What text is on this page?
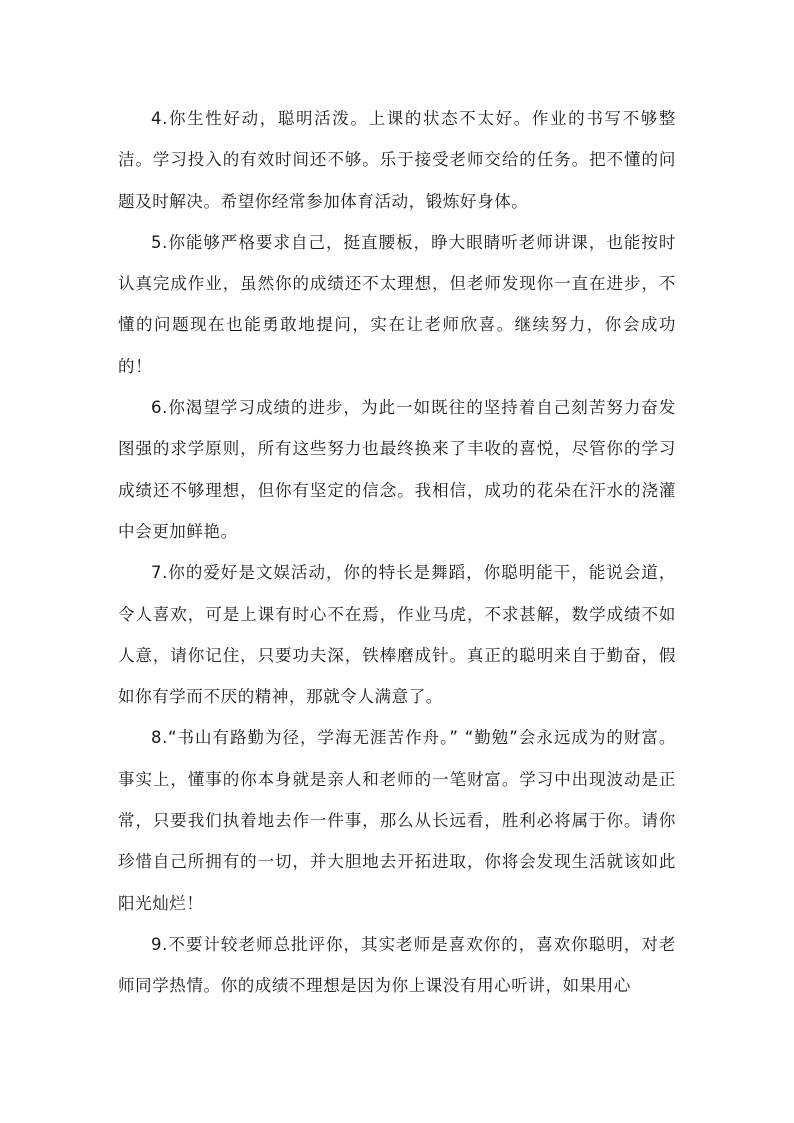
4.你生性好动，聪明活泼。上课的状态不太好。作业的书写不够整洁。学习投入的有效时间还不够。乐于接受老师交给的任务。把不懂的问题及时解决。希望你经常参加体育活动，锻炼好身体。

5.你能够严格要求自己，挺直腰板，睁大眼睛听老师讲课，也能按时认真完成作业，虽然你的成绩还不太理想，但老师发现你一直在进步，不懂的问题现在也能勇敢地提问，实在让老师欣喜。继续努力，你会成功的！

6.你渴望学习成绩的进步，为此一如既往的坚持着自己刻苦努力奋发图强的求学原则，所有这些努力也最终换来了丰收的喜悦，尽管你的学习成绩还不够理想，但你有坚定的信念。我相信，成功的花朵在汗水的浇灌中会更加鲜艳。

7.你的爱好是文娱活动，你的特长是舞蹈，你聪明能干，能说会道，令人喜欢，可是上课有时心不在焉，作业马虎，不求甚解，数学成绩不如人意，请你记住，只要功夫深，铁棒磨成针。真正的聪明来自于勤奋，假如你有学而不厌的精神，那就令人满意了。

8.“书山有路勤为径，学海无涯苦作舟。” “勤勉”会永远成为的财富。事实上，懂事的你本身就是亲人和老师的一笔财富。学习中出现波动是正常，只要我们执着地去作一件事，那么从长远看，胜利必将属于你。请你珍惜自己所拥有的一切，并大胆地去开拓进取，你将会发现生活就该如此阳光灿烂！

9.不要计较老师总批评你，其实老师是喜欢你的，喜欢你聪明，对老师同学热情。你的成绩不理想是因为你上课没有用心听讲，如果用心
